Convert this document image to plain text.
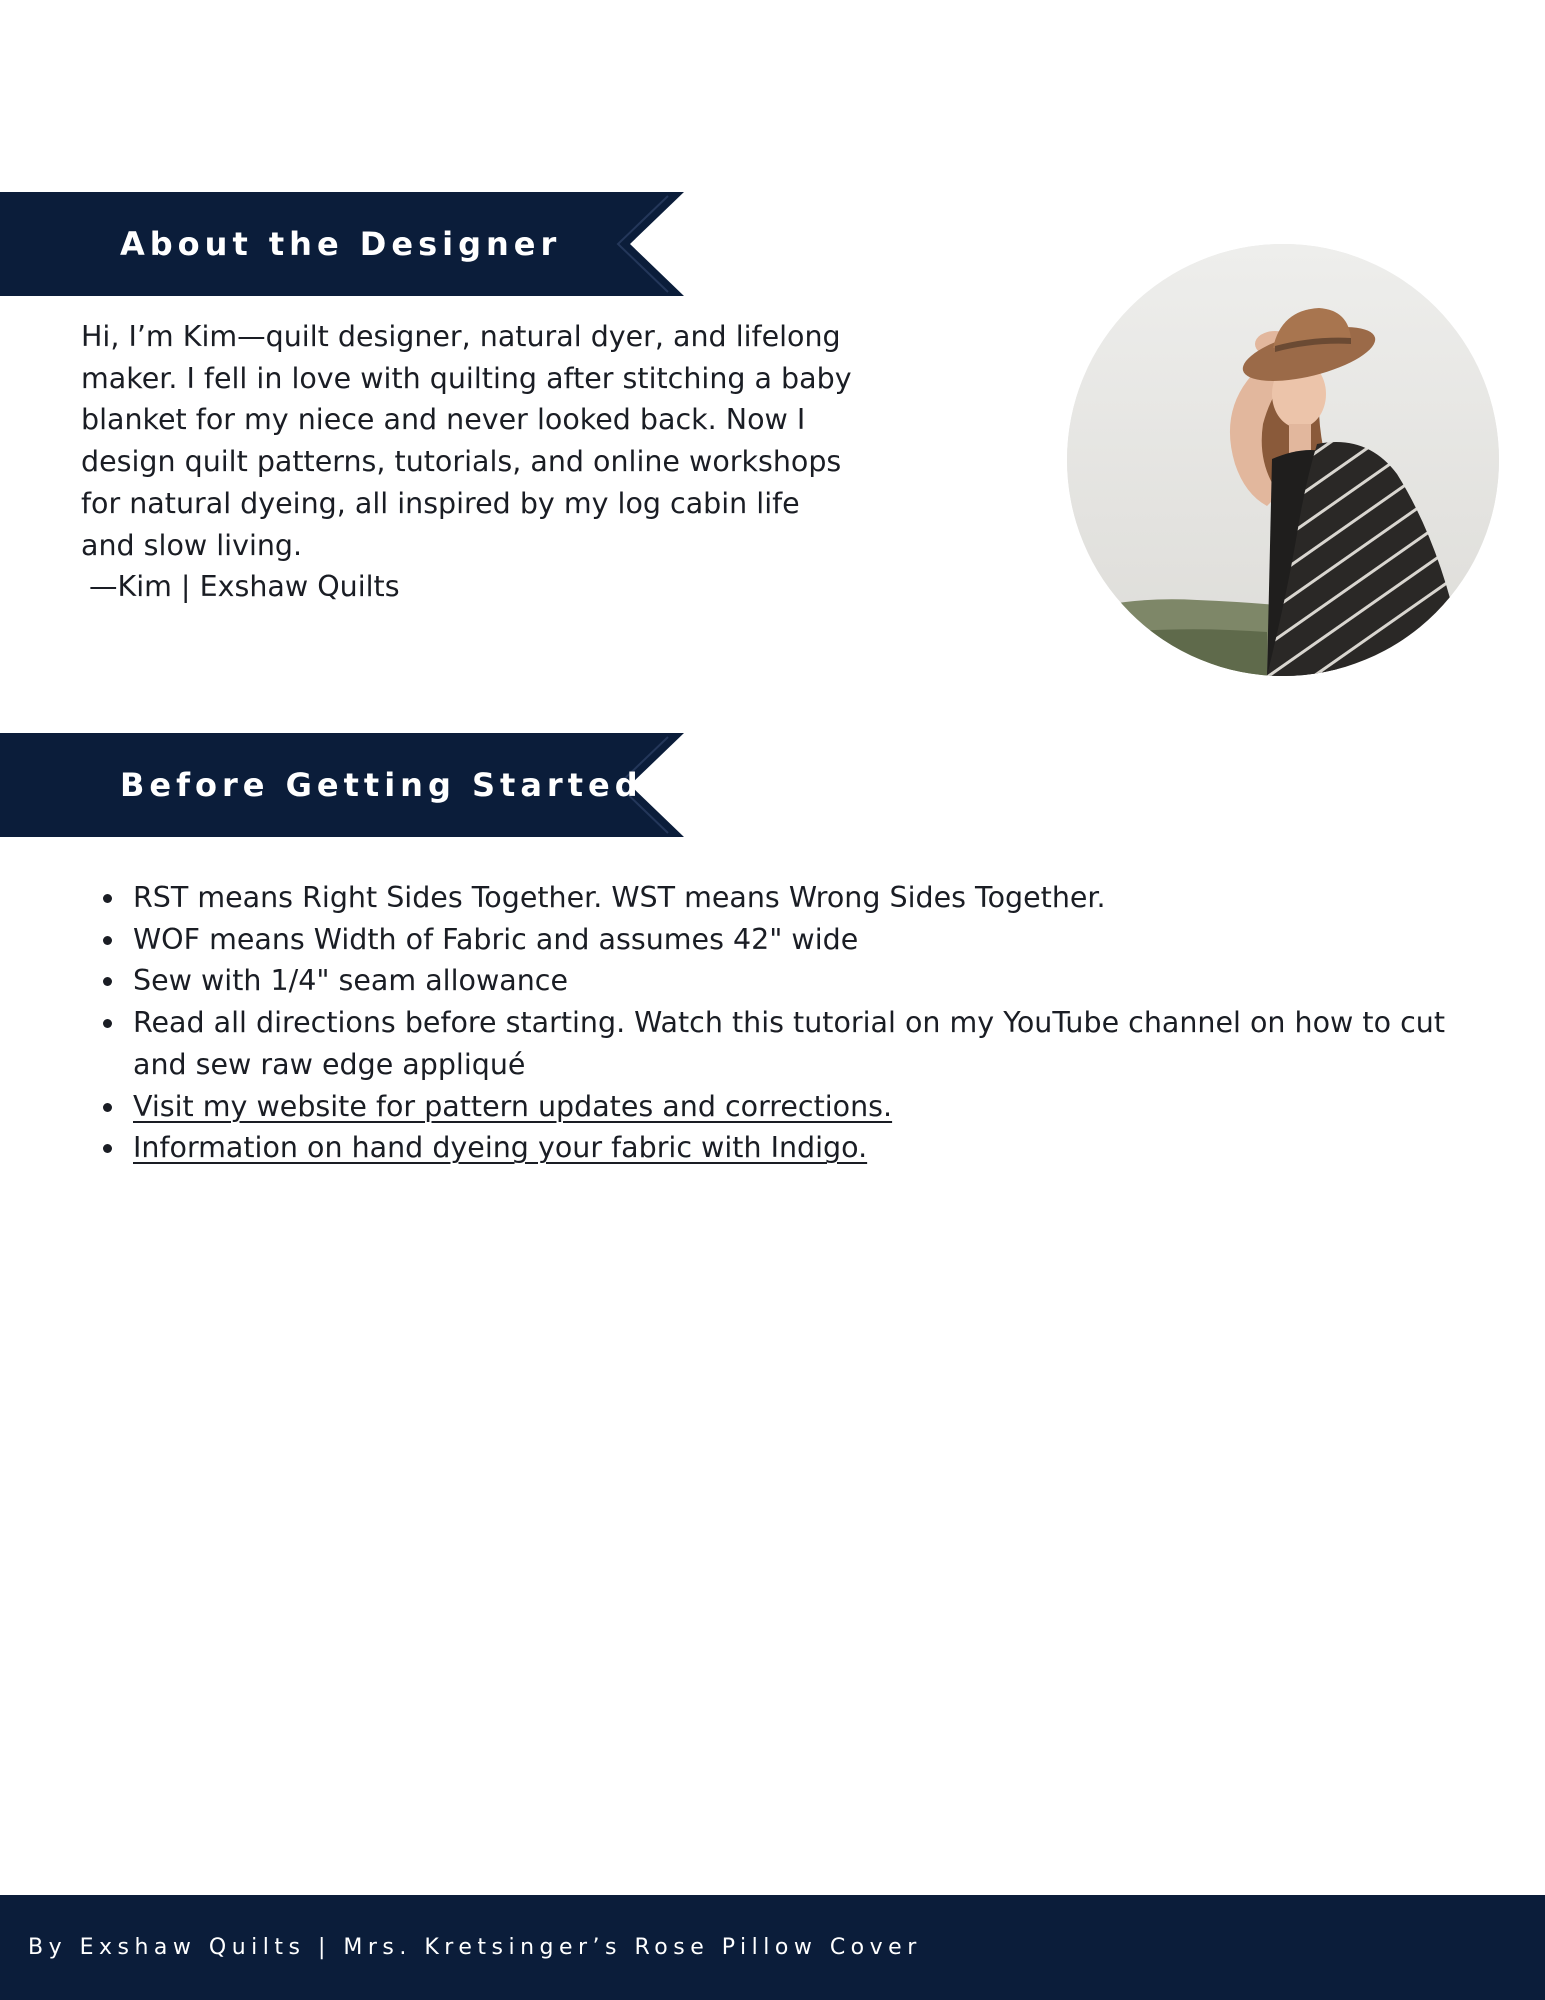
About the Designer

Hi, I’m Kim—quilt designer, natural dyer, and lifelong maker. I fell in love with quilting after stitching a baby blanket for my niece and never looked back. Now I design quilt patterns, tutorials, and online workshops for natural dyeing, all inspired by my log cabin life and slow living.

—Kim | Exshaw Quilts

Before Getting Started
RST means Right Sides Together. WST means Wrong Sides Together.
WOF means Width of Fabric and assumes 42" wide
Sew with 1/4" seam allowance
Read all directions before starting. Watch this tutorial on my YouTube channel on how to cut and sew raw edge appliqué
Visit my website for pattern updates and corrections.
Information on hand dyeing your fabric with Indigo.
By Exshaw Quilts | Mrs. Kretsinger’s Rose Pillow Cover
